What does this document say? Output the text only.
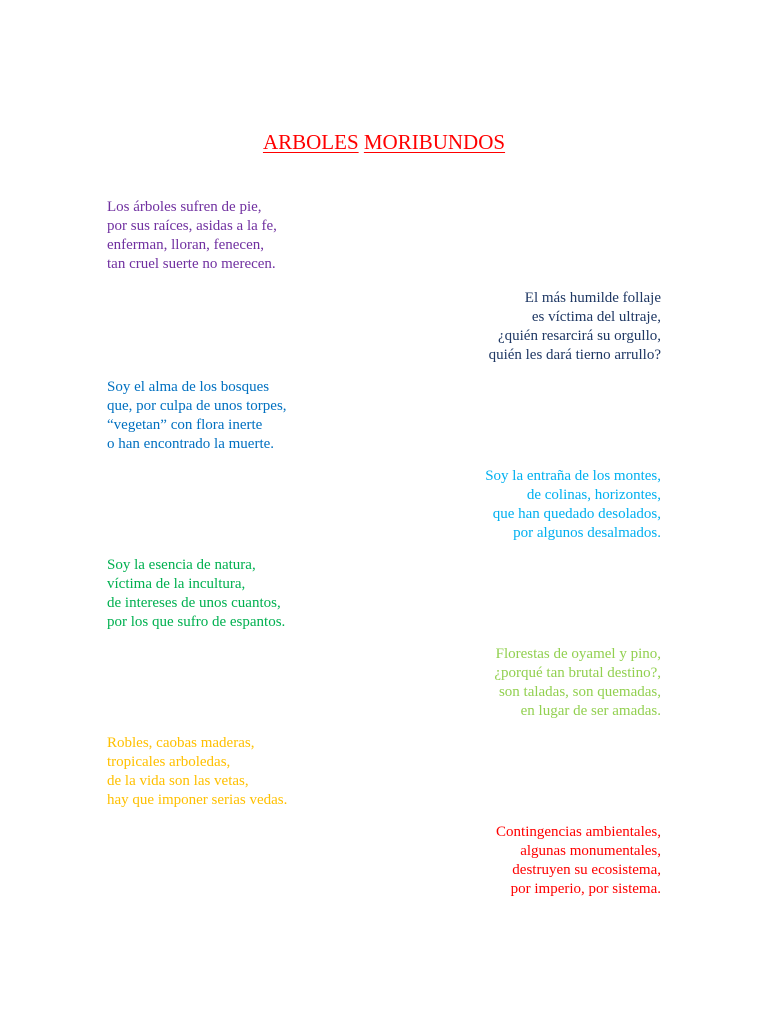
ARBOLES MORIBUNDOS
Los árboles sufren de pie,
por sus raíces, asidas a la fe,
enferman, lloran, fenecen,
tan cruel suerte no merecen.
El más humilde follaje
es víctima del ultraje,
¿quién resarcirá su orgullo,
quién les dará tierno arrullo?
Soy el alma de los bosques
que, por culpa de unos torpes,
“vegetan” con flora inerte
o han encontrado la muerte.
Soy la entraña de los montes,
de colinas, horizontes,
que han quedado desolados,
por algunos desalmados.
Soy la esencia de natura,
víctima de la incultura,
de intereses de unos cuantos,
por los que sufro de espantos.
Florestas de oyamel y pino,
¿porqué tan brutal destino?,
son taladas, son quemadas,
en lugar de ser amadas.
Robles, caobas maderas,
tropicales arboledas,
de la vida son las vetas,
hay que imponer serias vedas.
Contingencias ambientales,
algunas monumentales,
destruyen su ecosistema,
por imperio, por sistema.
